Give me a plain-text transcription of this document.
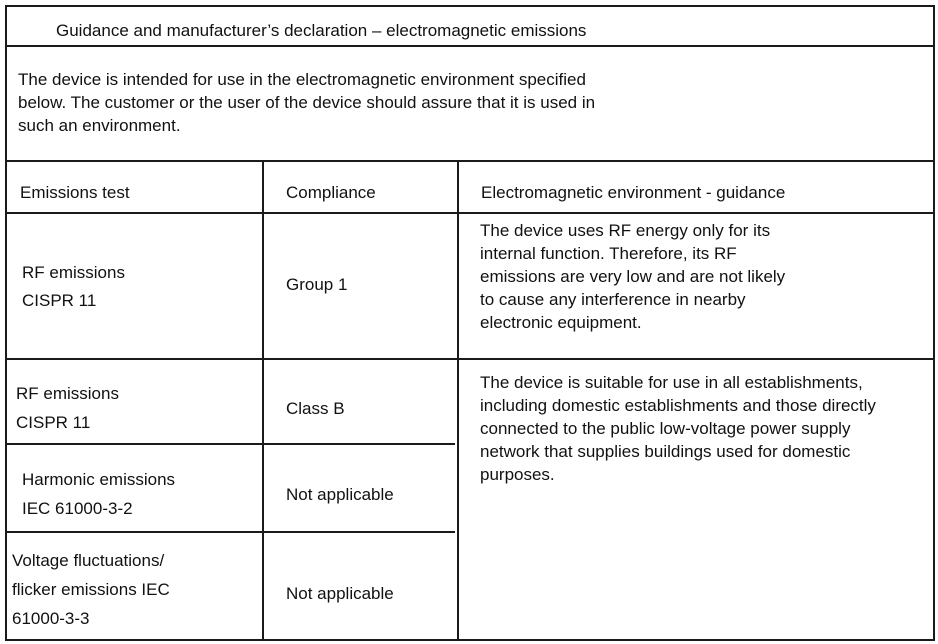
Guidance and manufacturer’s declaration – electromagnetic emissions
The device is intended for use in the electromagnetic environment specified
below. The customer or the user of the device should assure that it is used in
such an environment.
Emissions test	Compliance	Electromagnetic environment - guidance
RF emissions
CISPR 11
Group 1
The device uses RF energy only for its
internal function. Therefore, its RF
emissions are very low and are not likely
to cause any interference in nearby
electronic equipment.
RF emissions
CISPR 11
Class B
The device is suitable for use in all establishments,
including domestic establishments and those directly
connected to the public low-voltage power supply
network that supplies buildings used for domestic
purposes.
Harmonic emissions
IEC 61000-3-2
Not applicable
Voltage fluctuations/
flicker emissions IEC
61000-3-3
Not applicable
